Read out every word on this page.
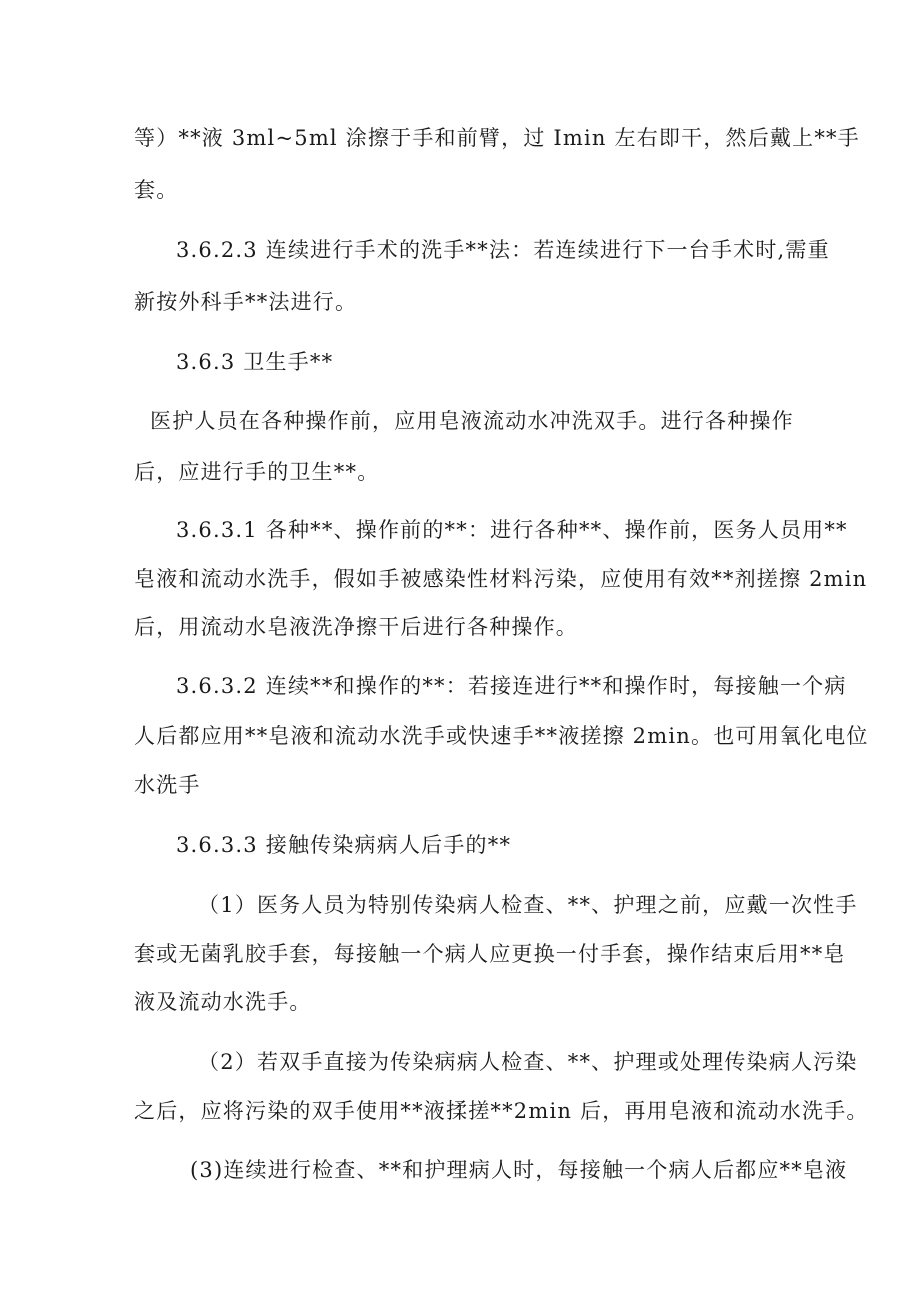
等）**液 3ml~5ml 涂擦于手和前臂，过 Imin 左右即干，然后戴上**手
套。
3.6.2.3 连续进行手术的洗手**法：若连续进行下一台手术时,需重
新按外科手**法进行。
3.6.3 卫生手**
医护人员在各种操作前，应用皂液流动水冲洗双手。进行各种操作
后，应进行手的卫生**。
3.6.3.1 各种**、操作前的**：进行各种**、操作前，医务人员用**
皂液和流动水洗手，假如手被感染性材料污染，应使用有效**剂搓擦 2min
后，用流动水皂液洗净擦干后进行各种操作。
3.6.3.2 连续**和操作的**：若接连进行**和操作时，每接触一个病
人后都应用**皂液和流动水洗手或快速手**液搓擦 2min。也可用氧化电位
水洗手
3.6.3.3 接触传染病病人后手的**
（1）医务人员为特别传染病人检查、**、护理之前，应戴一次性手
套或无菌乳胶手套，每接触一个病人应更换一付手套，操作结束后用**皂
液及流动水洗手。
（2）若双手直接为传染病病人检查、**、护理或处理传染病人污染
之后，应将污染的双手使用**液揉搓**2min 后，再用皂液和流动水洗手。
(3)连续进行检查、**和护理病人时，每接触一个病人后都应**皂液
